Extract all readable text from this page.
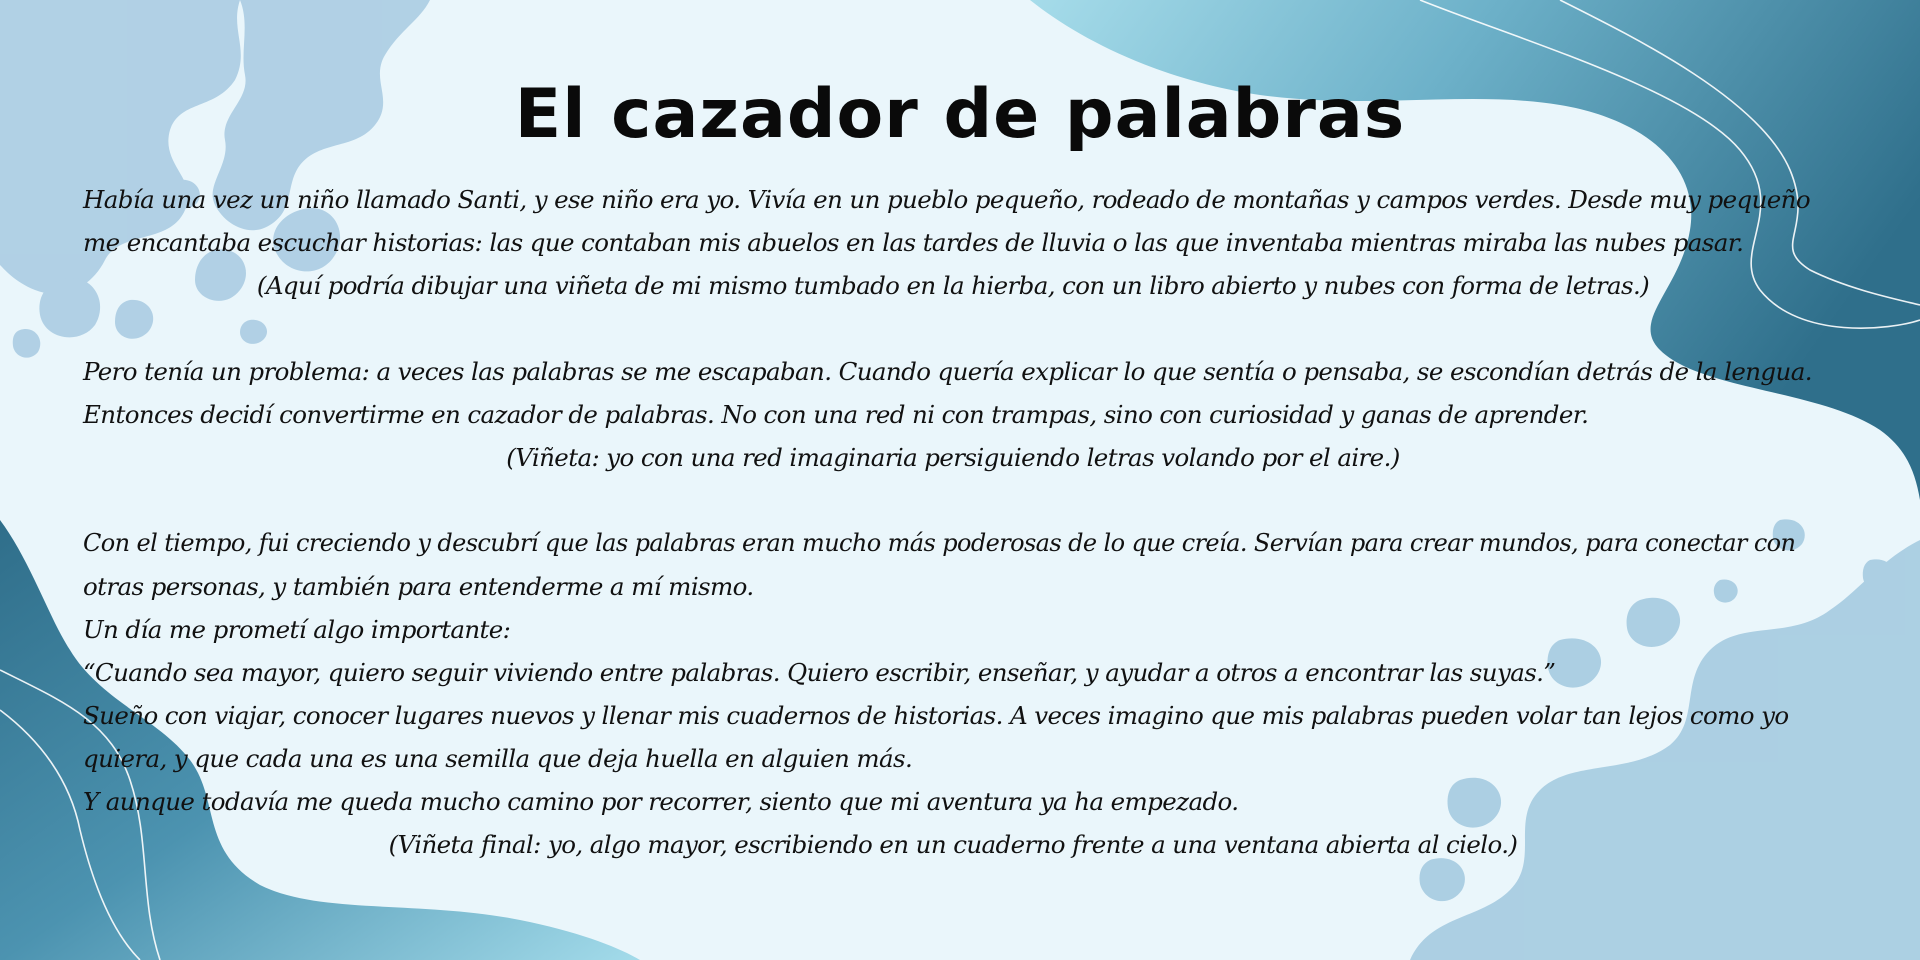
El cazador de palabras
Había una vez un niño llamado Santi, y ese niño era yo. Vivía en un pueblo pequeño, rodeado de montañas y campos verdes. Desde muy pequeño
me encantaba escuchar historias: las que contaban mis abuelos en las tardes de lluvia o las que inventaba mientras miraba las nubes pasar.
(Aquí podría dibujar una viñeta de mi mismo tumbado en la hierba, con un libro abierto y nubes con forma de letras.)
Pero tenía un problema: a veces las palabras se me escapaban. Cuando quería explicar lo que sentía o pensaba, se escondían detrás de la lengua.
Entonces decidí convertirme en cazador de palabras. No con una red ni con trampas, sino con curiosidad y ganas de aprender.
(Viñeta: yo con una red imaginaria persiguiendo letras volando por el aire.)
Con el tiempo, fui creciendo y descubrí que las palabras eran mucho más poderosas de lo que creía. Servían para crear mundos, para conectar con
otras personas, y también para entenderme a mí mismo.
Un día me prometí algo importante:
“Cuando sea mayor, quiero seguir viviendo entre palabras. Quiero escribir, enseñar, y ayudar a otros a encontrar las suyas.”
Sueño con viajar, conocer lugares nuevos y llenar mis cuadernos de historias. A veces imagino que mis palabras pueden volar tan lejos como yo
quiera, y que cada una es una semilla que deja huella en alguien más.
Y aunque todavía me queda mucho camino por recorrer, siento que mi aventura ya ha empezado.
(Viñeta final: yo, algo mayor, escribiendo en un cuaderno frente a una ventana abierta al cielo.)
